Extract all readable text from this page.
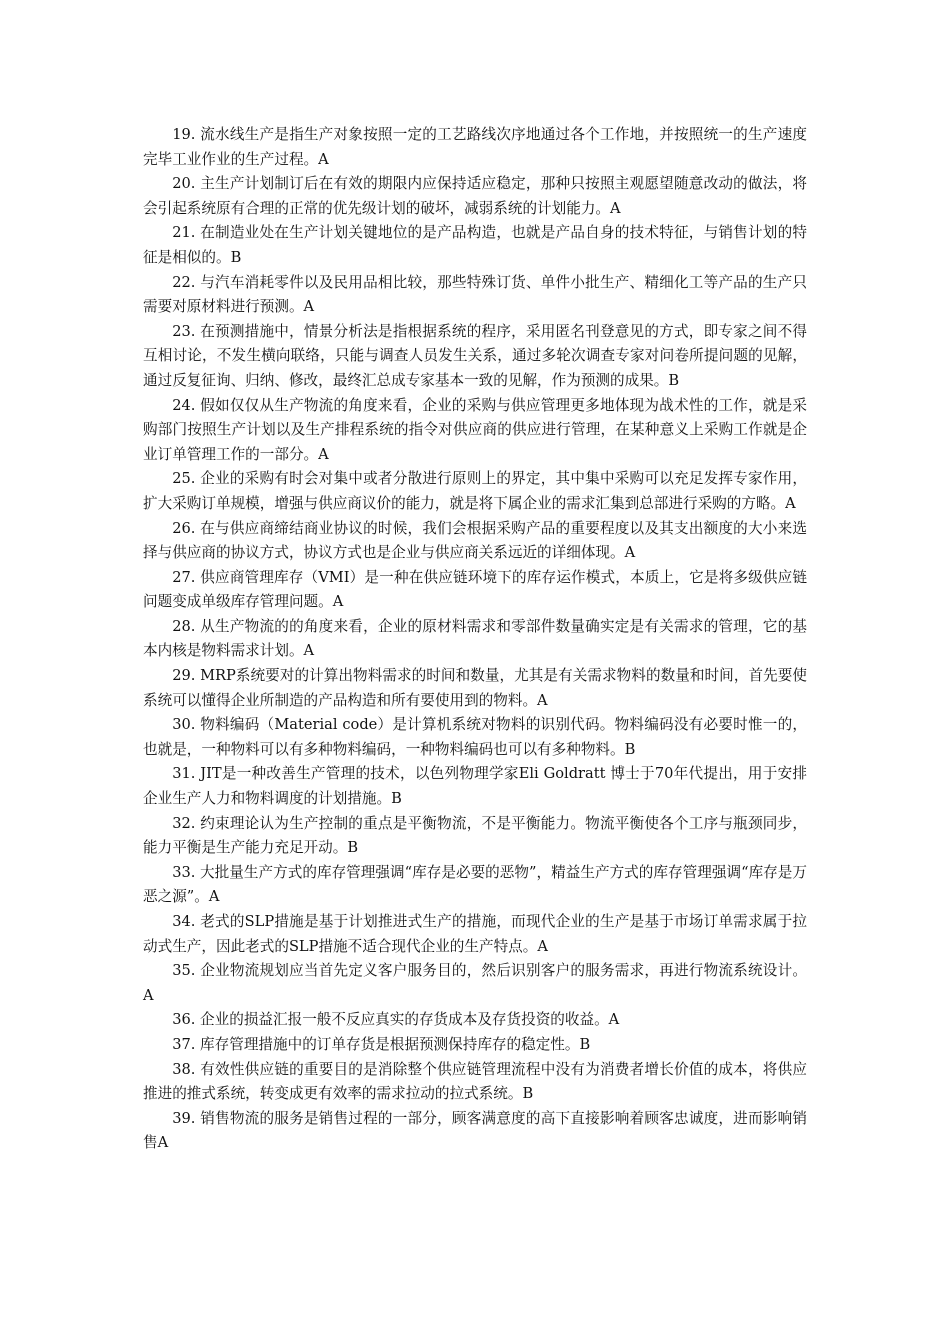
19. 流水线生产是指生产对象按照一定的工艺路线次序地通过各个工作地，并按照统一的生产速度完毕工业作业的生产过程。A

20. 主生产计划制订后在有效的期限内应保持适应稳定，那种只按照主观愿望随意改动的做法，将会引起系统原有合理的正常的优先级计划的破坏，减弱系统的计划能力。A

21. 在制造业处在生产计划关键地位的是产品构造，也就是产品自身的技术特征，与销售计划的特征是相似的。B

22. 与汽车消耗零件以及民用品相比较，那些特殊订货、单件小批生产、精细化工等产品的生产只需要对原材料进行预测。A

23. 在预测措施中，情景分析法是指根据系统的程序，采用匿名刊登意见的方式，即专家之间不得互相讨论，不发生横向联络，只能与调查人员发生关系，通过多轮次调查专家对问卷所提问题的见解，通过反复征询、归纳、修改，最终汇总成专家基本一致的见解，作为预测的成果。B

24. 假如仅仅从生产物流的角度来看，企业的采购与供应管理更多地体现为战术性的工作，就是采购部门按照生产计划以及生产排程系统的指令对供应商的供应进行管理，在某种意义上采购工作就是企业订单管理工作的一部分。A

25. 企业的采购有时会对集中或者分散进行原则上的界定，其中集中采购可以充足发挥专家作用，扩大采购订单规模，增强与供应商议价的能力，就是将下属企业的需求汇集到总部进行采购的方略。A

26. 在与供应商缔结商业协议的时候，我们会根据采购产品的重要程度以及其支出额度的大小来选择与供应商的协议方式，协议方式也是企业与供应商关系远近的详细体现。A

27. 供应商管理库存（VMI）是一种在供应链环境下的库存运作模式，本质上，它是将多级供应链问题变成单级库存管理问题。A

28. 从生产物流的的角度来看，企业的原材料需求和零部件数量确实定是有关需求的管理，它的基本内核是物料需求计划。A

29. MRP系统要对的计算出物料需求的时间和数量，尤其是有关需求物料的数量和时间，首先要使系统可以懂得企业所制造的产品构造和所有要使用到的物料。A

30. 物料编码（Material code）是计算机系统对物料的识别代码。物料编码没有必要时惟一的，也就是，一种物料可以有多种物料编码，一种物料编码也可以有多种物料。B

31. JIT是一种改善生产管理的技术，以色列物理学家Eli Goldratt 博士于70年代提出，用于安排企业生产人力和物料调度的计划措施。B

32. 约束理论认为生产控制的重点是平衡物流，不是平衡能力。物流平衡使各个工序与瓶颈同步，能力平衡是生产能力充足开动。B

33. 大批量生产方式的库存管理强调“库存是必要的恶物”，精益生产方式的库存管理强调“库存是万恶之源”。A

34. 老式的SLP措施是基于计划推进式生产的措施，而现代企业的生产是基于市场订单需求属于拉动式生产，因此老式的SLP措施不适合现代企业的生产特点。A

35. 企业物流规划应当首先定义客户服务目的，然后识别客户的服务需求，再进行物流系统设计。A

36. 企业的损益汇报一般不反应真实的存货成本及存货投资的收益。A

37. 库存管理措施中的订单存货是根据预测保持库存的稳定性。B

38. 有效性供应链的重要目的是消除整个供应链管理流程中没有为消费者增长价值的成本，将供应推进的推式系统，转变成更有效率的需求拉动的拉式系统。B

39. 销售物流的服务是销售过程的一部分，顾客满意度的高下直接影响着顾客忠诚度，进而影响销售A
